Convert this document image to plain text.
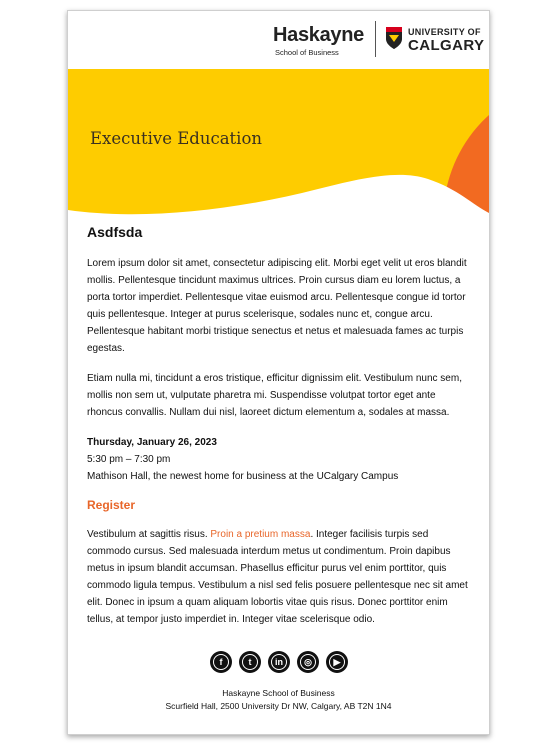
Haskayne
School of Business
UNIVERSITY OF
CALGARY
Executive Education
Asdfsda

Lorem ipsum dolor sit amet, consectetur adipiscing elit. Morbi eget velit ut eros blandit mollis. Pellentesque tincidunt maximus ultrices. Proin cursus diam eu lorem luctus, a porta tortor imperdiet. Pellentesque vitae euismod arcu. Pellentesque congue id tortor quis pellentesque. Integer at purus scelerisque, sodales nunc et, congue arcu. Pellentesque habitant morbi tristique senectus et netus et malesuada fames ac turpis egestas.

Etiam nulla mi, tincidunt a eros tristique, efficitur dignissim elit. Vestibulum nunc sem, mollis non sem ut, vulputate pharetra mi. Suspendisse volutpat tortor eget ante rhoncus convallis. Nullam dui nisl, laoreet dictum elementum a, sodales at massa.

Thursday, January 26, 2023
5:30 pm – 7:30 pm
Mathison Hall, the newest home for business at the UCalgary Campus
Register

Vestibulum at sagittis risus. Proin a pretium massa. Integer facilisis turpis sed commodo cursus. Sed malesuada interdum metus ut condimentum. Proin dapibus metus in ipsum blandit accumsan. Phasellus efficitur purus vel enim porttitor, quis commodo ligula tempus. Vestibulum a nisl sed felis posuere pellentesque nec sit amet elit. Donec in ipsum a quam aliquam lobortis vitae quis risus. Donec porttitor enim tellus, at tempor justo imperdiet in. Integer vitae scelerisque odio.

f	t	in	◎	▶
Haskayne School of Business
Scurfield Hall, 2500 University Dr NW, Calgary, AB T2N 1N4
